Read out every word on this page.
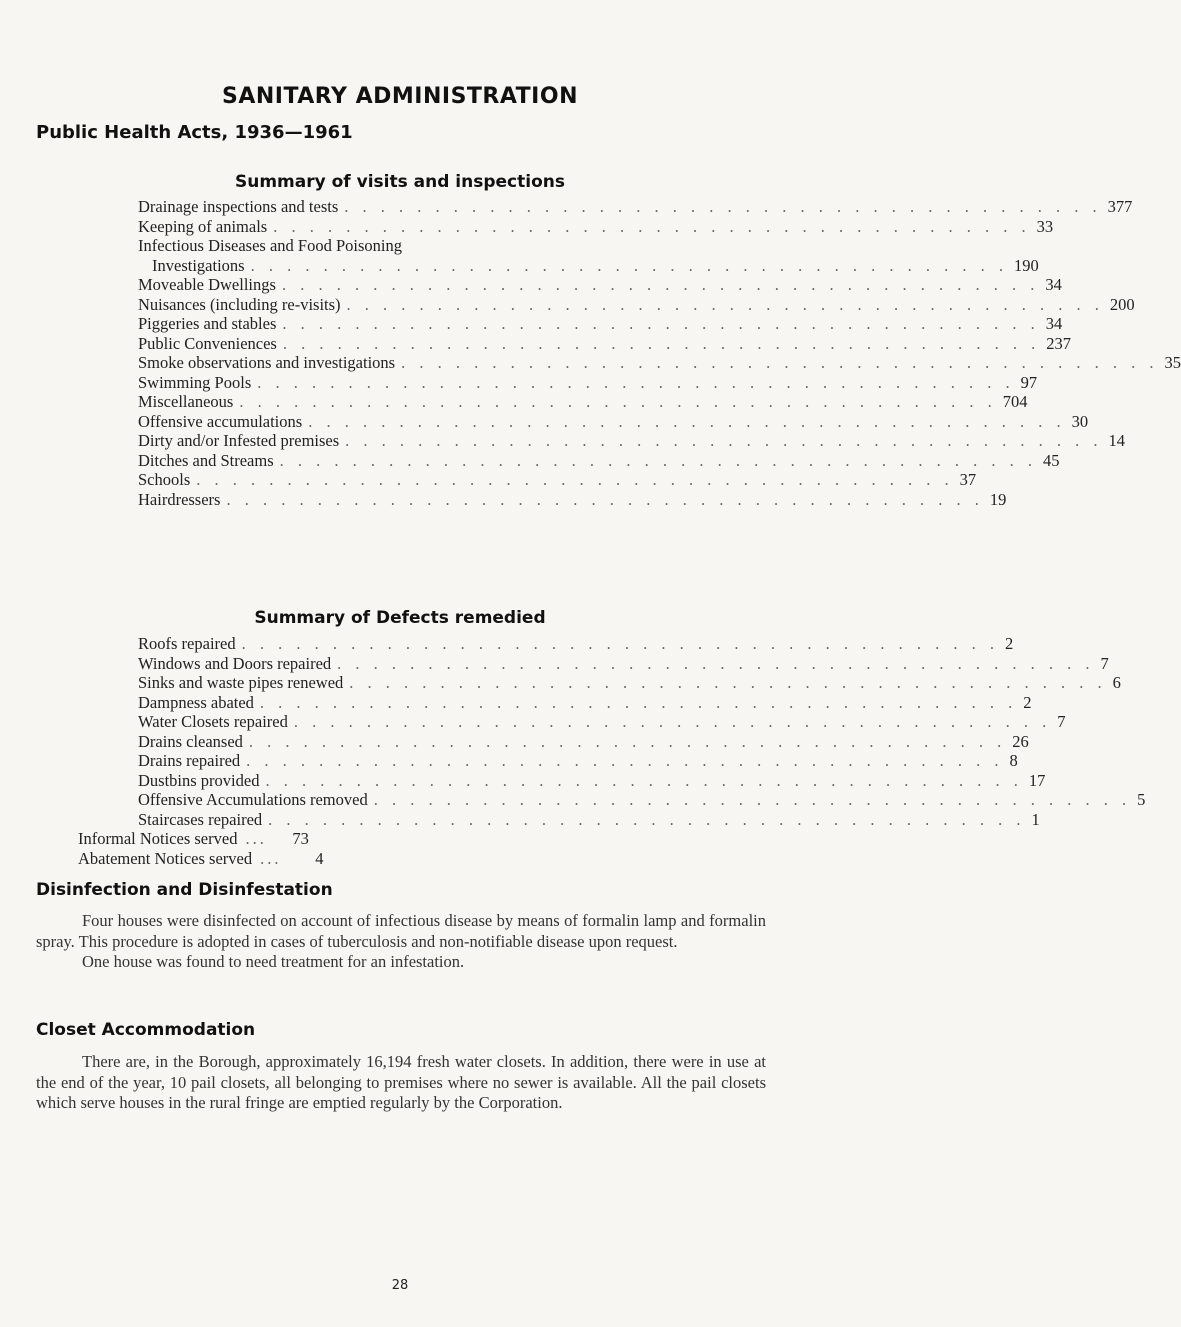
SANITARY ADMINISTRATION
Public Health Acts, 1936—1961
Summary of visits and inspections
Drainage inspections and tests . . . . . . . . . . . . . . . . . . . . . . . . . . . . . . . . . . . . . . . . . . 377
Keeping of animals . . . . . . . . . . . . . . . . . . . . . . . . . . . . . . . . . . . . . . . . . . 33
Infectious Diseases and Food Poisoning
Investigations . . . . . . . . . . . . . . . . . . . . . . . . . . . . . . . . . . . . . . . . . . 190
Moveable Dwellings . . . . . . . . . . . . . . . . . . . . . . . . . . . . . . . . . . . . . . . . . . 34
Nuisances (including re-visits) . . . . . . . . . . . . . . . . . . . . . . . . . . . . . . . . . . . . . . . . . . 200
Piggeries and stables . . . . . . . . . . . . . . . . . . . . . . . . . . . . . . . . . . . . . . . . . . 34
Public Conveniences . . . . . . . . . . . . . . . . . . . . . . . . . . . . . . . . . . . . . . . . . . 237
Smoke observations and investigations . . . . . . . . . . . . . . . . . . . . . . . . . . . . . . . . . . . . . . . . . . 35
Swimming Pools . . . . . . . . . . . . . . . . . . . . . . . . . . . . . . . . . . . . . . . . . . 97
Miscellaneous . . . . . . . . . . . . . . . . . . . . . . . . . . . . . . . . . . . . . . . . . . 704
Offensive accumulations . . . . . . . . . . . . . . . . . . . . . . . . . . . . . . . . . . . . . . . . . . 30
Dirty and/or Infested premises . . . . . . . . . . . . . . . . . . . . . . . . . . . . . . . . . . . . . . . . . . 14
Ditches and Streams . . . . . . . . . . . . . . . . . . . . . . . . . . . . . . . . . . . . . . . . . . 45
Schools . . . . . . . . . . . . . . . . . . . . . . . . . . . . . . . . . . . . . . . . . . 37
Hairdressers . . . . . . . . . . . . . . . . . . . . . . . . . . . . . . . . . . . . . . . . . . 19
Summary of Defects remedied
Roofs repaired . . . . . . . . . . . . . . . . . . . . . . . . . . . . . . . . . . . . . . . . . . 2
Windows and Doors repaired . . . . . . . . . . . . . . . . . . . . . . . . . . . . . . . . . . . . . . . . . . 7
Sinks and waste pipes renewed . . . . . . . . . . . . . . . . . . . . . . . . . . . . . . . . . . . . . . . . . . 6
Dampness abated . . . . . . . . . . . . . . . . . . . . . . . . . . . . . . . . . . . . . . . . . . 2
Water Closets repaired . . . . . . . . . . . . . . . . . . . . . . . . . . . . . . . . . . . . . . . . . . 7
Drains cleansed . . . . . . . . . . . . . . . . . . . . . . . . . . . . . . . . . . . . . . . . . . 26
Drains repaired . . . . . . . . . . . . . . . . . . . . . . . . . . . . . . . . . . . . . . . . . . 8
Dustbins provided . . . . . . . . . . . . . . . . . . . . . . . . . . . . . . . . . . . . . . . . . . 17
Offensive Accumulations removed . . . . . . . . . . . . . . . . . . . . . . . . . . . . . . . . . . . . . . . . . . 5
Staircases repaired . . . . . . . . . . . . . . . . . . . . . . . . . . . . . . . . . . . . . . . . . . 1
Informal Notices served ...	73
Abatement Notices served ...	4
Disinfection and Disinfestation

Four houses were disinfected on account of infectious disease by means of formalin lamp and formalin spray. This procedure is adopted in cases of tuberculosis and non-notifiable disease upon request.

One house was found to need treatment for an infestation.

Closet Accommodation

There are, in the Borough, approximately 16,194 fresh water closets. In addition, there were in use at the end of the year, 10 pail closets, all belonging to premises where no sewer is available. All the pail closets which serve houses in the rural fringe are emptied regularly by the Corporation.

28
